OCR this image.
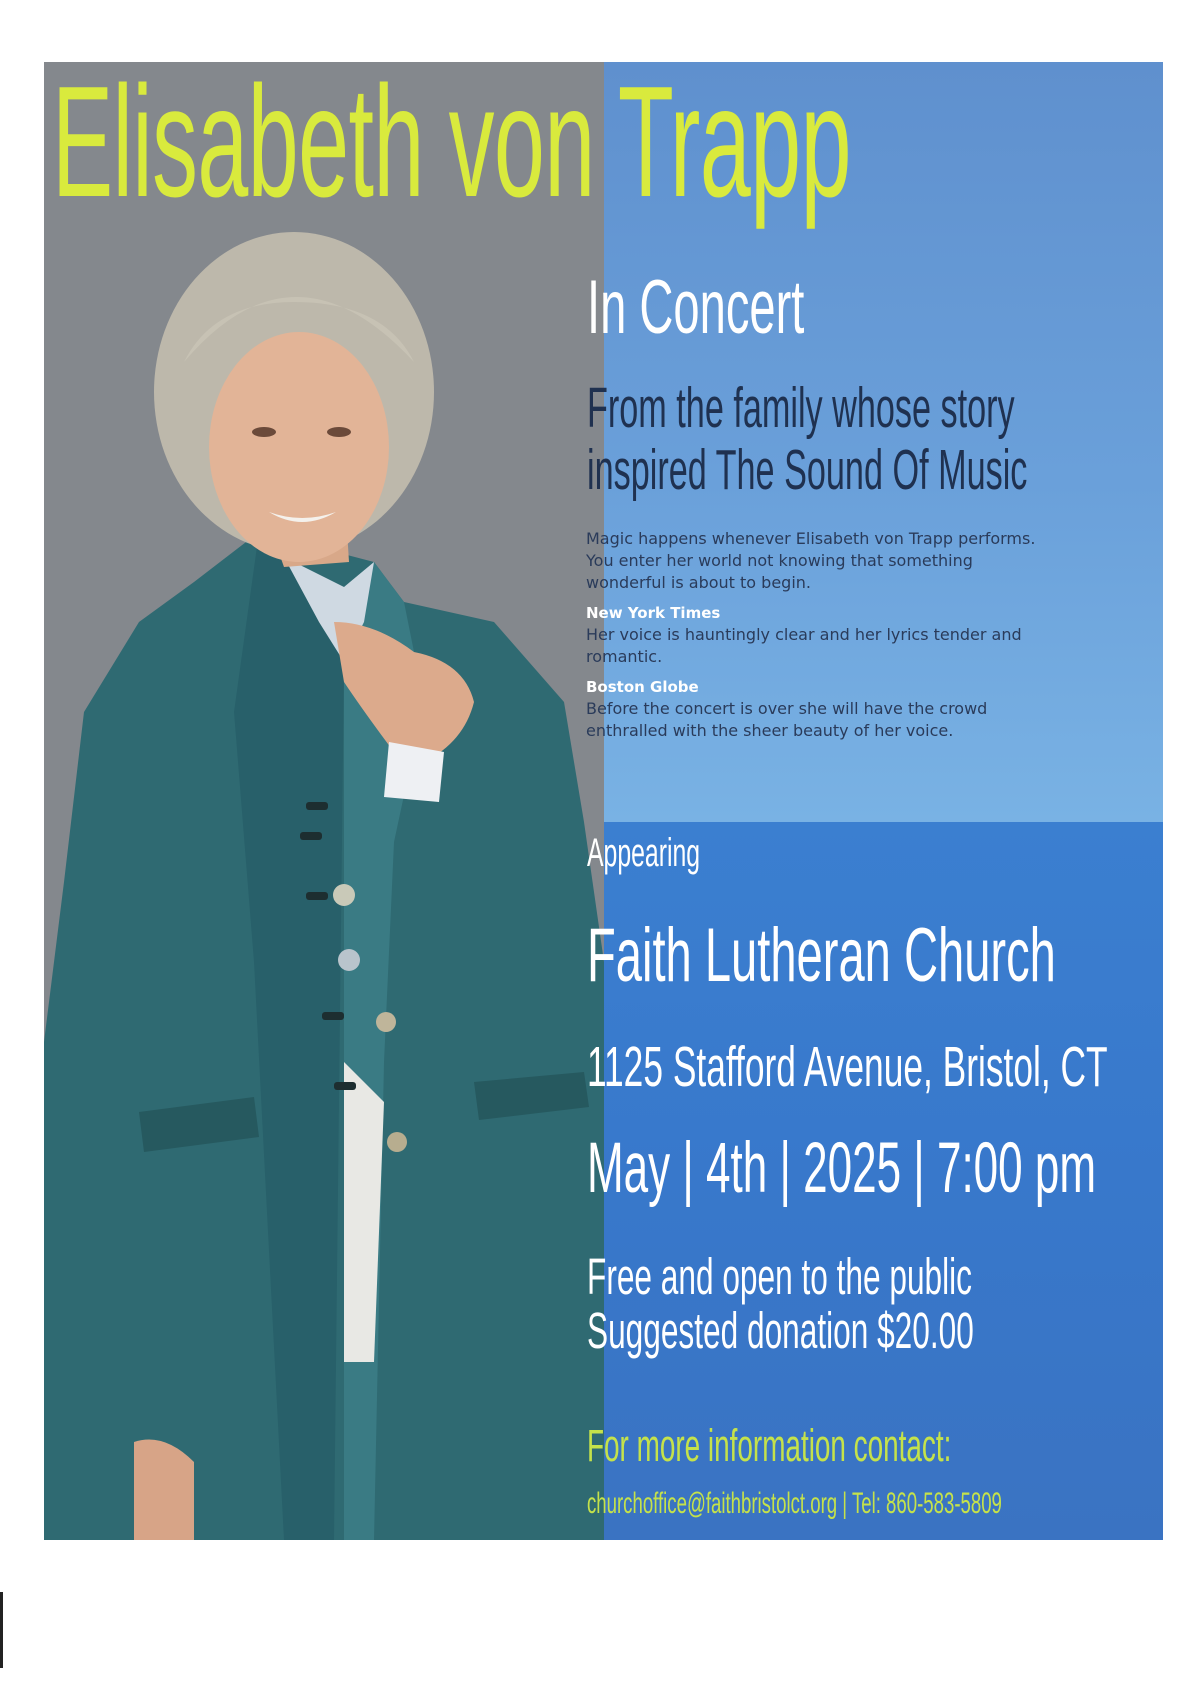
Elisabeth von Trapp
In Concert
From the family whose story
inspired The Sound Of Music
Magic happens whenever Elisabeth von Trapp performs. You enter her world not knowing that something wonderful is about to begin.
New York Times
Her voice is hauntingly clear and her lyrics tender and romantic.
Boston Globe
Before the concert is over she will have the crowd enthralled with the sheer beauty of her voice.
Appearing
Faith Lutheran Church
1125 Stafford Avenue, Bristol, CT
May | 4th | 2025 | 7:00 pm
Free and open to the public
Suggested donation $20.00
For more information contact:
churchoffice@faithbristolct.org | Tel: 860-583-5809
